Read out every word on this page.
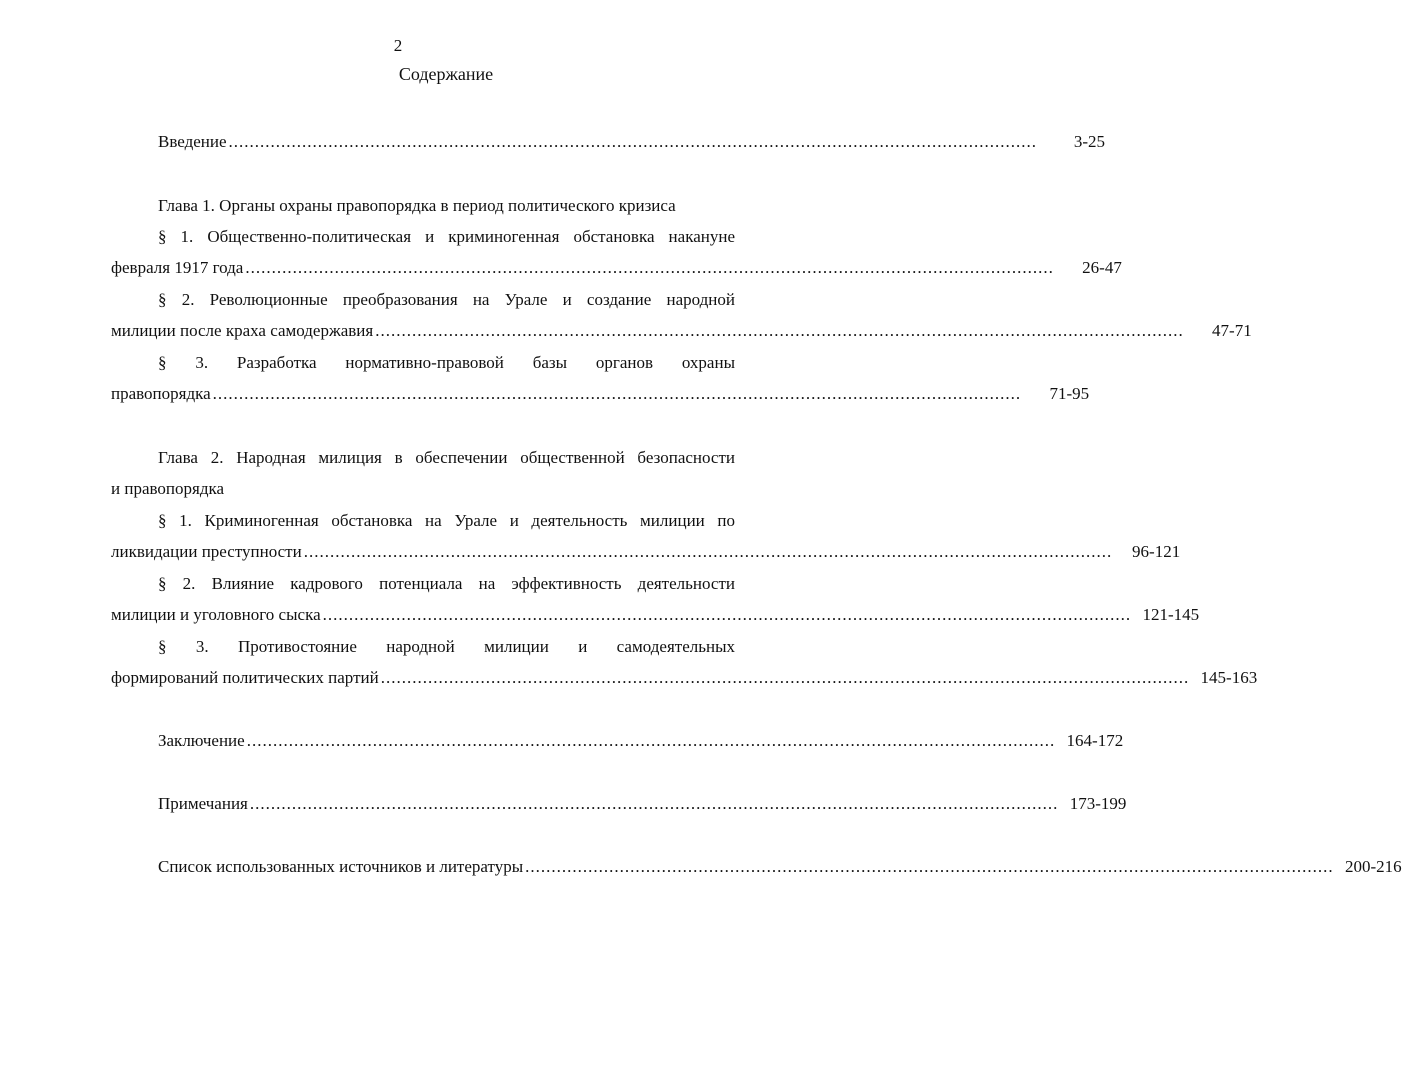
2
Содержание
Введение ..........................................................................................................................................................	3-25
Глава 1. Органы охраны правопорядка в период политического кризиса
§ 1. Общественно-политическая и криминогенная обстановка накануне
февраля 1917 года ..........................................................................................................................................................	26-47
§ 2. Революционные преобразования на Урале и создание народной
милиции после краха самодержавия ..........................................................................................................................................................	47-71
§ 3. Разработка нормативно-правовой базы органов охраны
правопорядка ..........................................................................................................................................................	71-95
Глава 2. Народная милиция в обеспечении общественной безопасности
и правопорядка
§ 1. Криминогенная обстановка на Урале и деятельность милиции по
ликвидации преступности ..........................................................................................................................................................	96-121
§ 2. Влияние кадрового потенциала на эффективность деятельности
милиции и уголовного сыска .......................................................................................................................................................... 121-145
§ 3. Противостояние народной милиции и самодеятельных
формирований политических партий .......................................................................................................................................................... 145-163
Заключение .......................................................................................................................................................... 164-172
Примечания .......................................................................................................................................................... 173-199
Список использованных источников и литературы .......................................................................................................................................................... 200-216
